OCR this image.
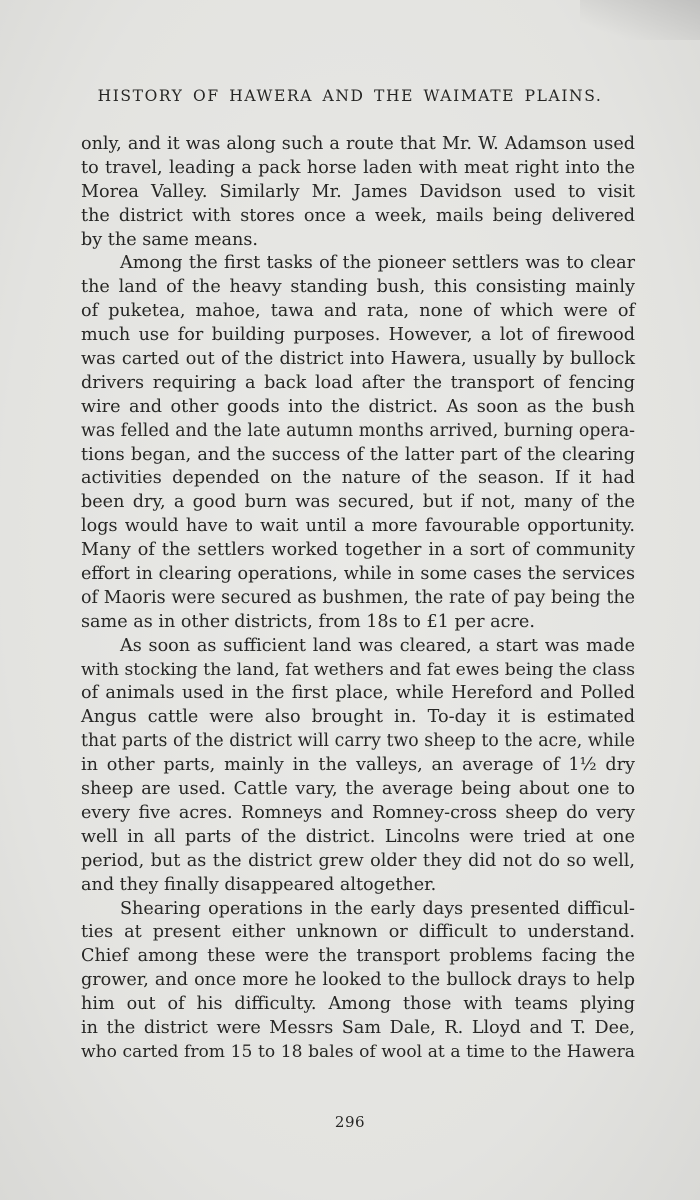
HISTORY OF HAWERA AND THE WAIMATE PLAINS.
only, and it was along such a route that Mr. W. Adamson used
to travel, leading a pack horse laden with meat right into the
Morea Valley. Similarly Mr. James Davidson used to visit
the district with stores once a week, mails being delivered
by the same means.
Among the first tasks of the pioneer settlers was to clear
the land of the heavy standing bush, this consisting mainly
of puketea, mahoe, tawa and rata, none of which were of
much use for building purposes. However, a lot of firewood
was carted out of the district into Hawera, usually by bullock
drivers requiring a back load after the transport of fencing
wire and other goods into the district. As soon as the bush
was felled and the late autumn months arrived, burning opera-
tions began, and the success of the latter part of the clearing
activities depended on the nature of the season. If it had
been dry, a good burn was secured, but if not, many of the
logs would have to wait until a more favourable opportunity.
Many of the settlers worked together in a sort of community
effort in clearing operations, while in some cases the services
of Maoris were secured as bushmen, the rate of pay being the
same as in other districts, from 18s to £1 per acre.
As soon as sufficient land was cleared, a start was made
with stocking the land, fat wethers and fat ewes being the class
of animals used in the first place, while Hereford and Polled
Angus cattle were also brought in. To-day it is estimated
that parts of the district will carry two sheep to the acre, while
in other parts, mainly in the valleys, an average of 1½ dry
sheep are used. Cattle vary, the average being about one to
every five acres. Romneys and Romney-cross sheep do very
well in all parts of the district. Lincolns were tried at one
period, but as the district grew older they did not do so well,
and they finally disappeared altogether.
Shearing operations in the early days presented difficul-
ties at present either unknown or difficult to understand.
Chief among these were the transport problems facing the
grower, and once more he looked to the bullock drays to help
him out of his difficulty. Among those with teams plying
in the district were Messrs Sam Dale, R. Lloyd and T. Dee,
who carted from 15 to 18 bales of wool at a time to the Hawera
296
